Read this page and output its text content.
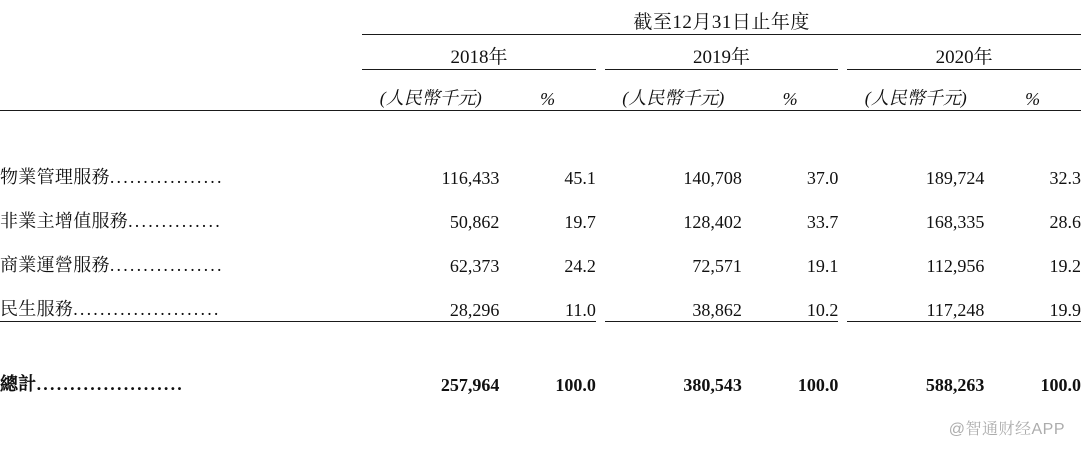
	截至12月31日止年度							
	2018年			2019年			2020年	
	(人民幣千元)	%		(人民幣千元)	%		(人民幣千元)	%

物業管理服務.................	116,433	45.1		140,708	37.0		189,724	32.3
非業主增值服務..............	50,862	19.7		128,402	33.7		168,335	28.6
商業運營服務.................	62,373	24.2		72,571	19.1		112,956	19.2
民生服務......................	28,296	11.0		38,862	10.2		117,248	19.9

總計......................	257,964	100.0		380,543	100.0		588,263	100.0
@智通财经APP
